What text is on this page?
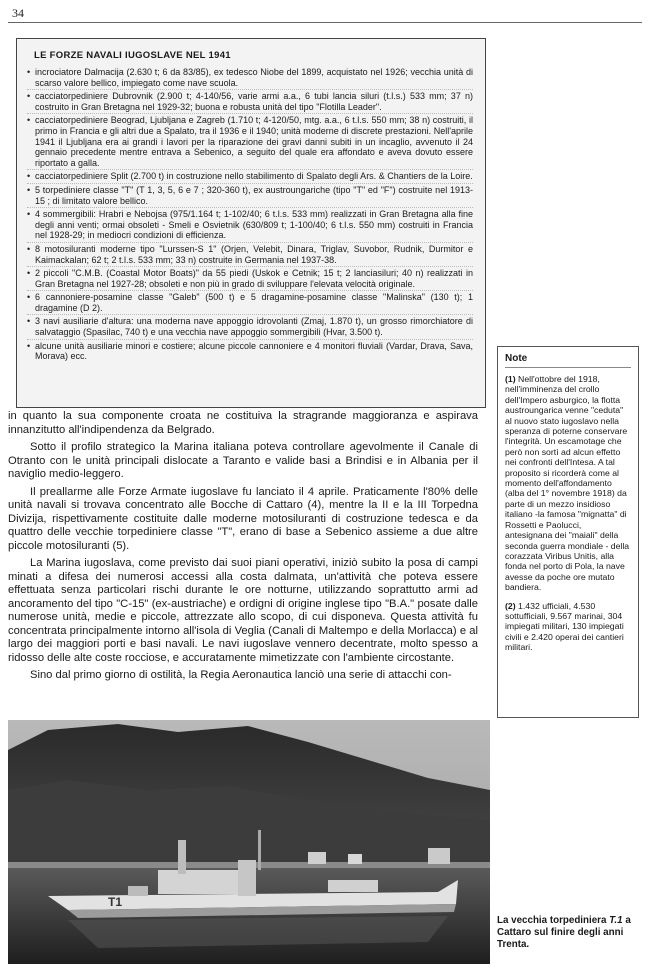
34
LE FORZE NAVALI IUGOSLAVE NEL 1941
• incrociatore Dalmacija (2.630 t; 6 da 83/85), ex tedesco Niobe del 1899, acquistato nel 1926; vecchia unità di scarso valore bellico, impiegato come nave scuola.
• cacciatorpediniere Dubrovnik (2.900 t; 4-140/56, varie armi a.a., 6 tubi lancia siluri (t.l.s.) 533 mm; 37 n) costruito in Gran Bretagna nel 1929-32; buona e robusta unità del tipo "Flotilla Leader".
• cacciatorpediniere Beograd, Ljubljana e Zagreb (1.710 t; 4-120/50, mtg. a.a., 6 t.l.s. 550 mm; 38 n) costruiti, il primo in Francia e gli altri due a Spalato, tra il 1936 e il 1940; unità moderne di discrete prestazioni. Nell'aprile 1941 il Ljubljana era ai grandi i lavori per la riparazione dei gravi danni subiti in un incaglio, avvenuto il 24 gennaio precedente mentre entrava a Sebenico, a seguito del quale era affondato e aveva dovuto essere riportato a galla.
• cacciatorpediniere Split (2.700 t) in costruzione nello stabilimento di Spalato degli Ars. & Chantiers de la Loire.
• 5 torpediniere classe "T" (T 1, 3, 5, 6 e 7 ; 320-360 t), ex austroungariche (tipo "T" ed "F") costruite nel 1913-15 ; di limitato valore bellico.
• 4 sommergibili: Hrabri e Nebojsa (975/1.164 t; 1-102/40; 6 t.l.s. 533 mm) realizzati in Gran Bretagna alla fine degli anni venti; ormai obsoleti - Smeli e Osvietnik (630/809 t; 1-100/40; 6 t.l.s. 550 mm) costruiti in Francia nel 1928-29; in mediocri condizioni di efficienza.
• 8 motosiluranti moderne tipo "Lurssen-S 1" (Orjen, Velebit, Dinara, Triglav, Suvobor, Rudnik, Durmitor e Kaimackalan; 62 t; 2 t.l.s. 533 mm; 33 n) costruite in Germania nel 1937-38.
• 2 piccoli "C.M.B. (Coastal Motor Boats)" da 55 piedi (Uskok e Cetnik; 15 t; 2 lanciasiluri; 40 n) realizzati in Gran Bretagna nel 1927-28; obsoleti e non più in grado di sviluppare l'elevata velocità originale.
• 6 cannoniere-posamine classe "Galeb" (500 t) e 5 dragamine-posamine classe "Malinska" (130 t); 1 dragamine (D 2).
• 3 navi ausiliarie d'altura: una moderna nave appoggio idrovolanti (Zmaj, 1.870 t), un grosso rimorchiatore di salvataggio (Spasilac, 740 t) e una vecchia nave appoggio sommergibili (Hvar, 3.500 t).
• alcune unità ausiliarie minori e costiere; alcune piccole cannoniere e 4 monitori fluviali (Vardar, Drava, Sava, Morava) ecc.

in quanto la sua componente croata ne costituiva la stragrande maggioranza e aspirava innanzitutto all'indipendenza da Belgrado.

Sotto il profilo strategico la Marina italiana poteva controllare agevolmente il Canale di Otranto con le unità principali dislocate a Taranto e valide basi a Brindisi e in Albania per il naviglio medio-leggero.

Il preallarme alle Forze Armate iugoslave fu lanciato il 4 aprile. Praticamente l'80% delle unità navali si trovava concentrato alle Bocche di Cattaro (4), mentre la II e la III Torpedna Divizija, rispettivamente costituite dalle moderne motosiluranti di costruzione tedesca e da quattro delle vecchie torpediniere classe "T", erano di base a Sebenico assieme a due altre piccole motosiluranti (5).

La Marina iugoslava, come previsto dai suoi piani operativi, iniziò subito la posa di campi minati a difesa dei numerosi accessi alla costa dalmata, un'attività che poteva essere effettuata senza particolari rischi durante le ore notturne, utilizzando soprattutto armi ad ancoramento del tipo "C-15" (ex-austriache) e ordigni di origine inglese tipo "B.A." posate dalle numerose unità, medie e piccole, attrezzate allo scopo, di cui disponeva. Questa attività fu concentrata principalmente intorno all'isola di Veglia (Canali di Maltempo e della Morlacca) e al largo dei maggiori porti e basi navali. Le navi iugoslave vennero decentrate, molto spesso a ridosso delle alte coste rocciose, e accuratamente mimetizzate con l'ambiente circostante.

Sino dal primo giorno di ostilità, la Regia Aeronautica lanciò una serie di attacchi con-

Note
(1) Nell'ottobre del 1918, nell'imminenza del crollo dell'Impero asburgico, la flotta austroungarica venne "ceduta" al nuovo stato iugoslavo nella speranza di poterne conservare l'integrità. Un escamotage che però non sortì ad alcun effetto nei confronti dell'Intesa. A tal proposito si ricorderà come al momento dell'affondamento (alba del 1° novembre 1918) da parte di un mezzo insidioso italiano -la famosa "mignatta" di Rossetti e Paolucci, antesignana dei "maiali" della seconda guerra mondiale - della corazzata Viribus Unitis, alla fonda nel porto di Pola, la nave avesse da poche ore mutato bandiera.
(2) 1.432 ufficiali, 4.530 sottufficiali, 9.567 marinai, 304 impiegati militari, 130 impiegati civili e 2.420 operai dei cantieri militari.
T1
La vecchia torpediniera T.1 a Cattaro sul finire degli anni Trenta.
